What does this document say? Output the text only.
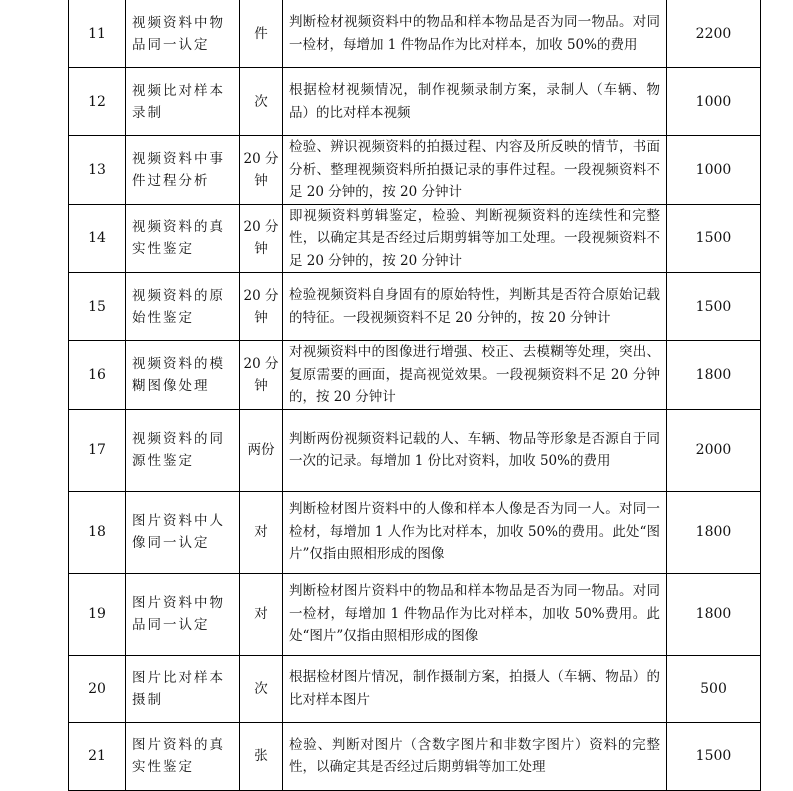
11	视频资料中物品同一认定	件	判断检材视频资料中的物品和样本物品是否为同一物品。对同一检材，每增加 1 件物品作为比对样本，加收 50%的费用	2200
12	视频比对样本录制	次	根据检材视频情况，制作视频录制方案，录制人（车辆、物品）的比对样本视频	1000
13	视频资料中事件过程分析	20 分钟	检验、辨识视频资料的拍摄过程、内容及所反映的情节，书面分析、整理视频资料所拍摄记录的事件过程。一段视频资料不足 20 分钟的，按 20 分钟计	1000
14	视频资料的真实性鉴定	20 分钟	即视频资料剪辑鉴定，检验、判断视频资料的连续性和完整性，以确定其是否经过后期剪辑等加工处理。一段视频资料不足 20 分钟的，按 20 分钟计	1500
15	视频资料的原始性鉴定	20 分钟	检验视频资料自身固有的原始特性，判断其是否符合原始记载的特征。一段视频资料不足 20 分钟的，按 20 分钟计	1500
16	视频资料的模糊图像处理	20 分钟	对视频资料中的图像进行增强、校正、去模糊等处理，突出、复原需要的画面，提高视觉效果。一段视频资料不足 20 分钟的，按 20 分钟计	1800
17	视频资料的同源性鉴定	两份	判断两份视频资料记载的人、车辆、物品等形象是否源自于同一次的记录。每增加 1 份比对资料，加收 50%的费用	2000
18	图片资料中人像同一认定	对	判断检材图片资料中的人像和样本人像是否为同一人。对同一检材，每增加 1 人作为比对样本，加收 50%的费用。此处“图片”仅指由照相形成的图像	1800
19	图片资料中物品同一认定	对	判断检材图片资料中的物品和样本物品是否为同一物品。对同一检材，每增加 1 件物品作为比对样本，加收 50%费用。此处“图片”仅指由照相形成的图像	1800
20	图片比对样本摄制	次	根据检材图片情况，制作摄制方案，拍摄人（车辆、物品）的比对样本图片	500
21	图片资料的真实性鉴定	张	检验、判断对图片（含数字图片和非数字图片）资料的完整性，以确定其是否经过后期剪辑等加工处理	1500
